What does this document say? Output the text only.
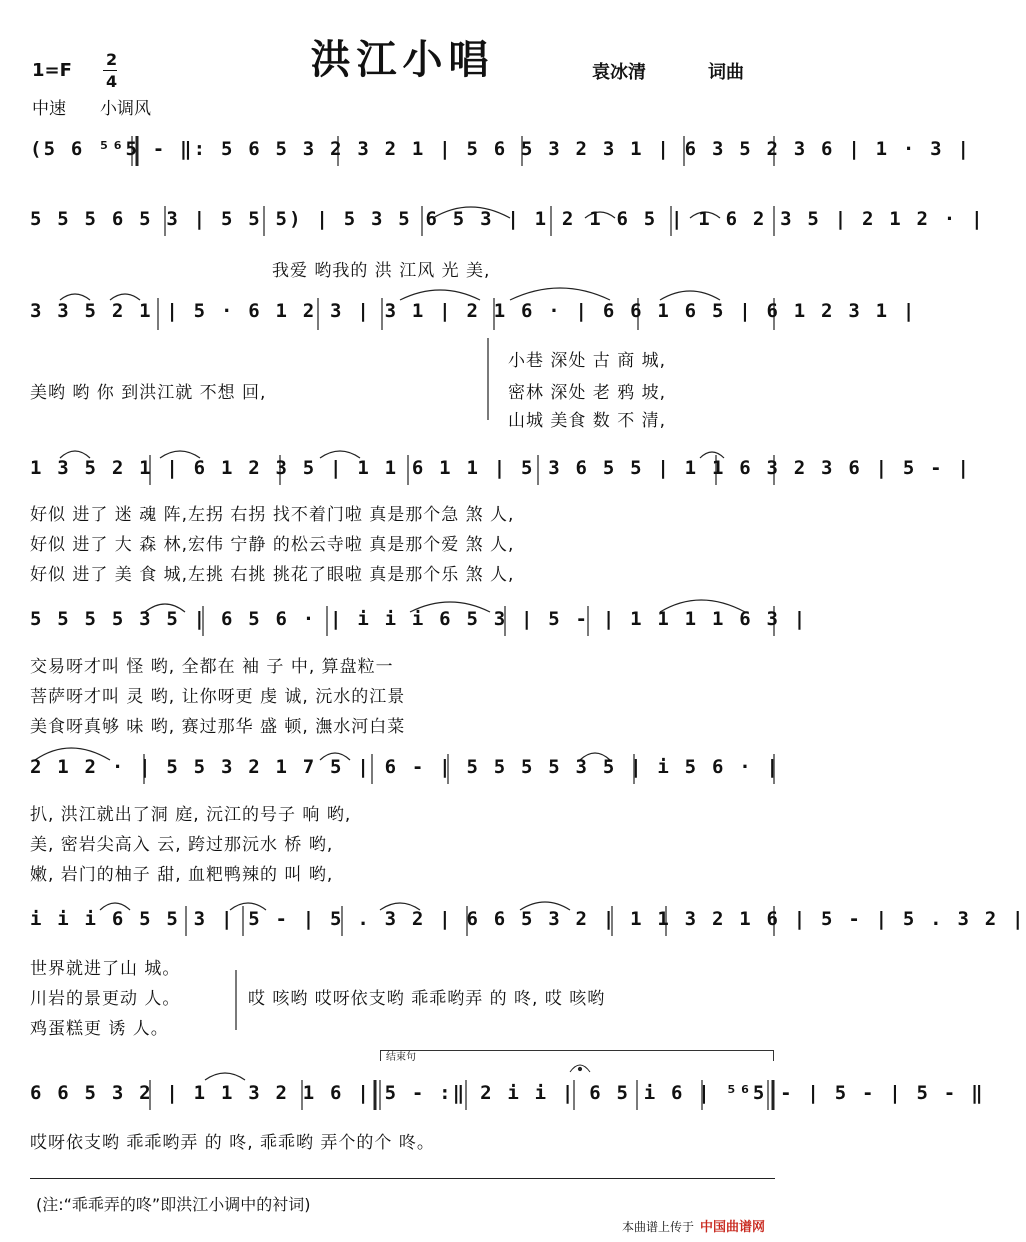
洪江小唱
1=F
2
4
中速 小调风
袁冰清	词曲
(5 6 ⁵⁶5 - ‖: 5 6 5 3 2 3 2 1 | 5 6 5 3 2 3 1 | 6 3 5 2 3 6 | 1 · 3 |
5 5 5 6 5 3 | 5 5 5) | 5 3 5 6 5 3 | 1 2 1 6 5 | 1 6 2 3 5 | 2 1 2 · |
我爱 哟我的 洪 江风 光 美,
3 3 5 2 1 | 5 · 6 1 2 3 | 3 1 | 2 1 6 · | 6 6 1 6 5 | 6 1 2 3 1 |
美哟 哟 你 到洪江就 不想 回,
小巷 深处 古 商 城,
密林 深处 老 鸦 坡,
山城 美食 数 不 清,
1 3 5 2 1 | 6 1 2 3 5 | 1 1 6 1 1 | 5 3 6 5 5 | 1 1 6 3 2 3 6 | 5 - |
好似 进了 迷 魂 阵,左拐 右拐 找不着门啦 真是那个急 煞 人,
好似 进了 大 森 林,宏伟 宁静 的松云寺啦 真是那个爱 煞 人,
好似 进了 美 食 城,左挑 右挑 挑花了眼啦 真是那个乐 煞 人,
5 5 5 5 3 5 | 6 5 6 · | i i i 6 5 3 | 5 - | 1 1 1 1 6 3 |
交易呀才叫 怪 哟, 全都在 袖 子 中, 算盘粒一
菩萨呀才叫 灵 哟, 让你呀更 虔 诚, 沅水的江景
美食呀真够 味 哟, 赛过那华 盛 顿, 潕水河白菜
2 1 2 · | 5 5 3 2 1 7 5 | 6 - | 5 5 5 5 3 5 | i 5 6 · |
扒, 洪江就出了洞 庭, 沅江的号子 响 哟,
美, 密岩尖高入 云, 跨过那沅水 桥 哟,
嫩, 岩门的柚子 甜, 血粑鸭辣的 叫 哟,
i i i 6 5 5 3 | 5 - | 5 . 3 2 | 6 6 5 3 2 | 1 1 3 2 1 6 | 5 - | 5 . 3 2 |
世界就进了山 城。
川岩的景更动 人。
鸡蛋糕更 诱 人。
哎 咳哟 哎呀依支哟 乖乖哟弄 的 咚, 哎 咳哟
结束句
6 6 5 3 2 | 1 1 3 2 1 6 | 5 - :‖ 2 i i | 6 5 i 6 | ⁵⁶5 - | 5 - | 5 - ‖
哎呀依支哟 乖乖哟弄 的 咚, 乖乖哟 弄个的个 咚。
(注:“乖乖弄的咚”即洪江小调中的衬词)
本曲谱上传于 中国曲谱网
